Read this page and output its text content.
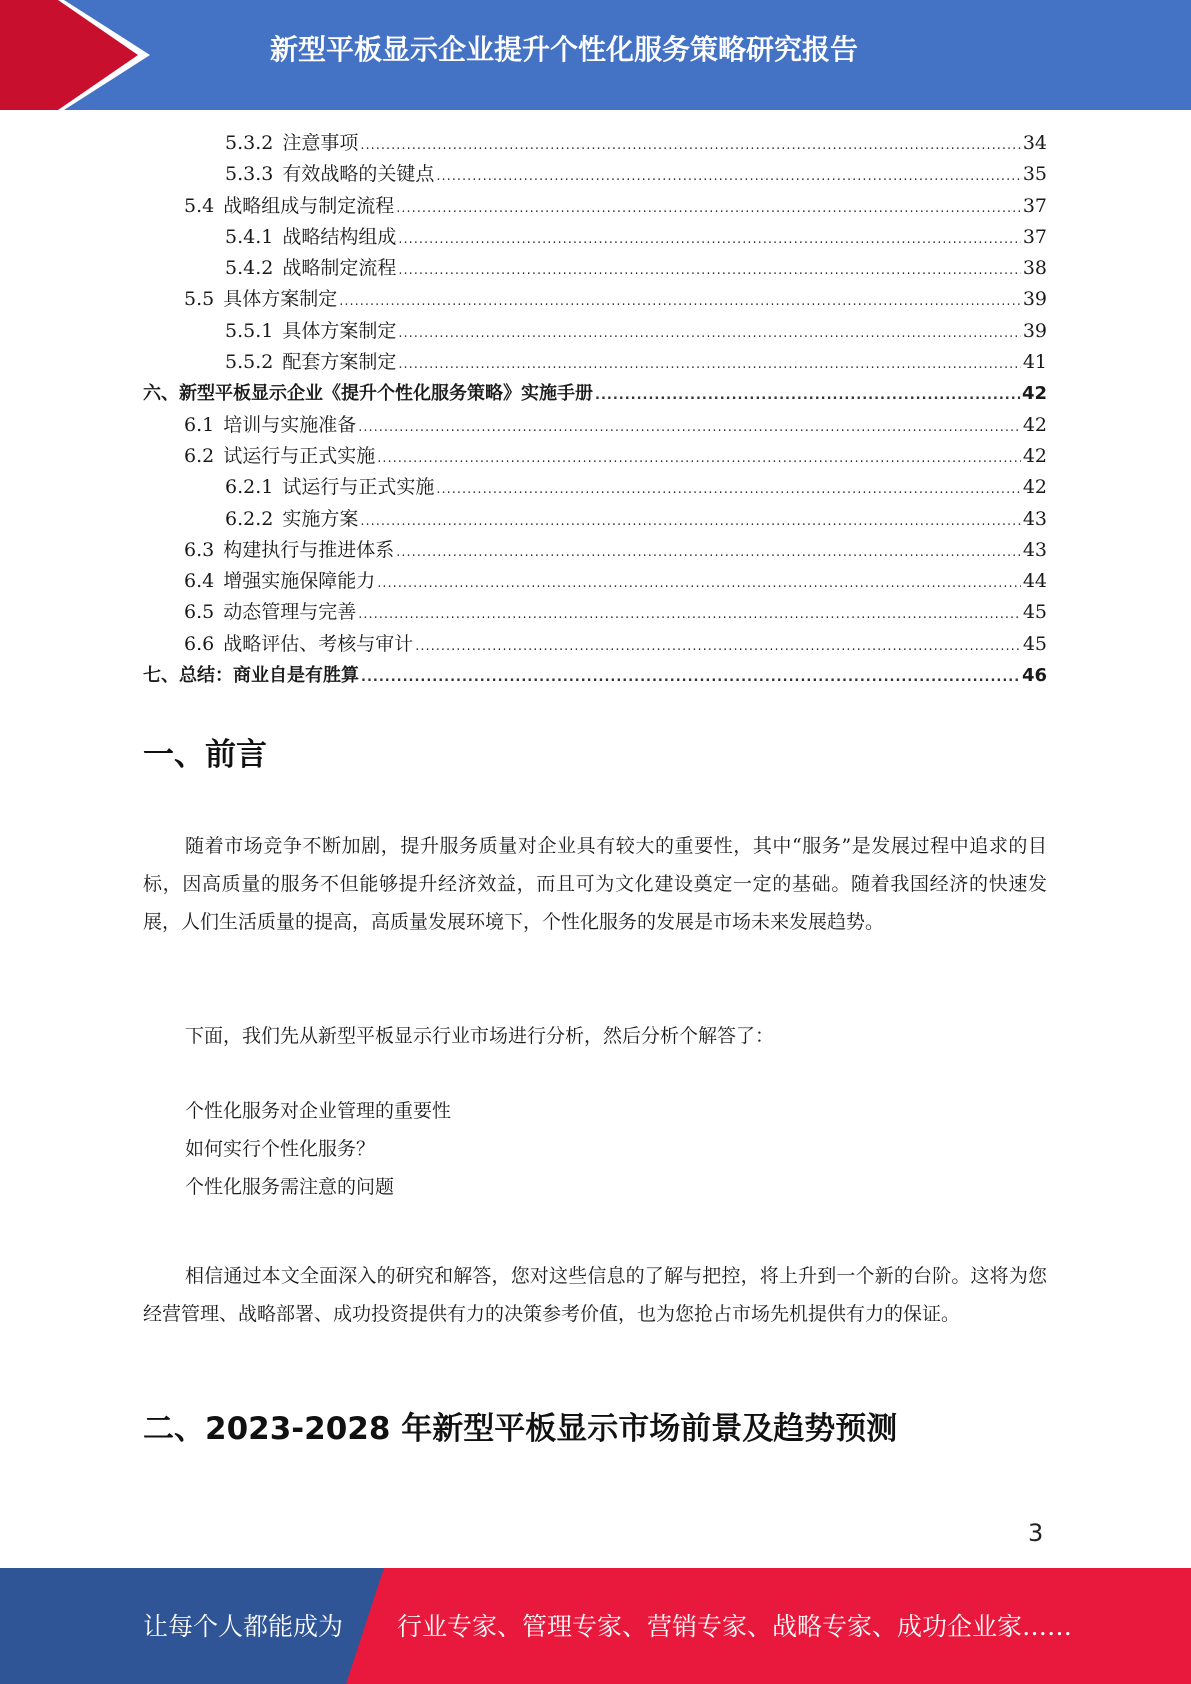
新型平板显示企业提升个性化服务策略研究报告
5.3.2 注意事项 .....	34
5.3.3 有效战略的关键点 .....	35
5.4 战略组成与制定流程 .....	37
5.4.1 战略结构组成 .....	37
5.4.2 战略制定流程 .....	38
5.5 具体方案制定 .....	39
5.5.1 具体方案制定 .....	39
5.5.2 配套方案制定 .....	41
六、新型平板显示企业《提升个性化服务策略》实施手册 .....	42
6.1 培训与实施准备 .....	42
6.2 试运行与正式实施 .....	42
6.2.1 试运行与正式实施 .....	42
6.2.2 实施方案 .....	43
6.3 构建执行与推进体系 .....	43
6.4 增强实施保障能力 .....	44
6.5 动态管理与完善 .....	45
6.6 战略评估、考核与审计 .....	45
七、总结：商业自是有胜算 .....	46
一、前言

随着市场竞争不断加剧，提升服务质量对企业具有较大的重要性，其中“服务”是发展过程中追求的目标，因高质量的服务不但能够提升经济效益，而且可为文化建设奠定一定的基础。随着我国经济的快速发展，人们生活质量的提高，高质量发展环境下，个性化服务的发展是市场未来发展趋势。

下面，我们先从新型平板显示行业市场进行分析，然后分析个解答了：

个性化服务对企业管理的重要性
如何实行个性化服务？
个性化服务需注意的问题

相信通过本文全面深入的研究和解答，您对这些信息的了解与把控，将上升到一个新的台阶。这将为您经营管理、战略部署、成功投资提供有力的决策参考价值，也为您抢占市场先机提供有力的保证。

二、2023-2028 年新型平板显示市场前景及趋势预测
3
让每个人都能成为 行业专家、管理专家、营销专家、战略专家、成功企业家……
